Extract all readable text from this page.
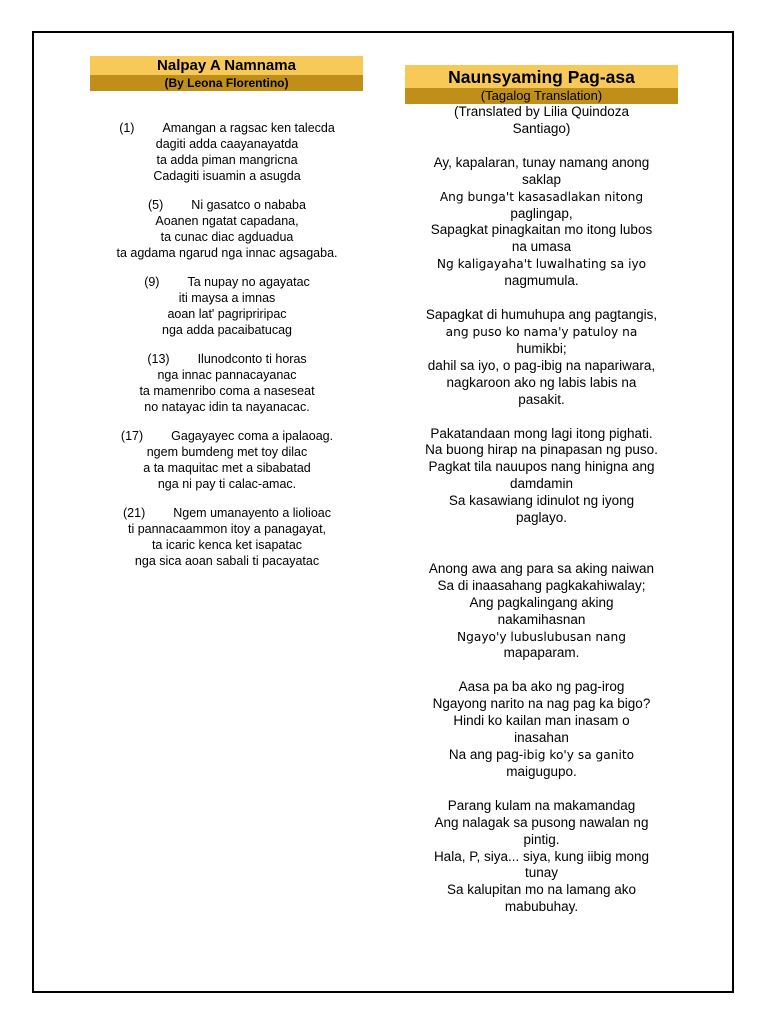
Nalpay A Namnama
(By Leona Florentino)
(1) Amangan a ragsac ken talecda
dagiti adda caayanayatda
ta adda piman mangricna
Cadagiti isuamin a asugda
(5) Ni gasatco o nababa
Aoanen ngatat capadana,
ta cunac diac agduadua
ta agdama ngarud nga innac agsagaba.
(9) Ta nupay no agayatac
iti maysa a imnas
aoan lat' pagripriripac
nga adda pacaibatucag
(13) Ilunodconto ti horas
nga innac pannacayanac
ta mamenribo coma a naseseat
no natayac idin ta nayanacac.
(17) Gagayayec coma a ipalaoag.
ngem bumdeng met toy dilac
a ta maquitac met a sibabatad
nga ni pay ti calac-amac.
(21) Ngem umanayento a liolioac
ti pannacaammon itoy a panagayat,
ta icaric kenca ket isapatac
nga sica aoan sabali ti pacayatac
Naunsyaming Pag-asa
(Tagalog Translation)
(Translated by Lilia Quindoza
Santiago)
Ay, kapalaran, tunay namang anong
saklap
Ang bunga't kasasadlakan nitong
paglingap,
Sapagkat pinagkaitan mo itong lubos
na umasa
Ng kaligayaha't luwalhating sa iyo
nagmumula.
Sapagkat di humuhupa ang pagtangis,
ang puso ko nama'y patuloy na
humikbi;
dahil sa iyo, o pag-ibig na napariwara,
nagkaroon ako ng labis labis na
pasakit.
Pakatandaan mong lagi itong pighati.
Na buong hirap na pinapasan ng puso.
Pagkat tila nauupos nang hinigna ang
damdamin
Sa kasawiang idinulot ng iyong
paglayo.
Anong awa ang para sa aking naiwan
Sa di inaasahang pagkakahiwalay;
Ang pagkalingang aking
nakamihasnan
Ngayo'y lubuslubusan nang
mapaparam.
Aasa pa ba ako ng pag-irog
Ngayong narito na nag pag ka bigo?
Hindi ko kailan man inasam o
inasahan
Na ang pag-ibig ko'y sa ganito
maigugupo.
Parang kulam na makamandag
Ang nalagak sa pusong nawalan ng
pintig.
Hala, P, siya... siya, kung iibig mong
tunay
Sa kalupitan mo na lamang ako
mabubuhay.
